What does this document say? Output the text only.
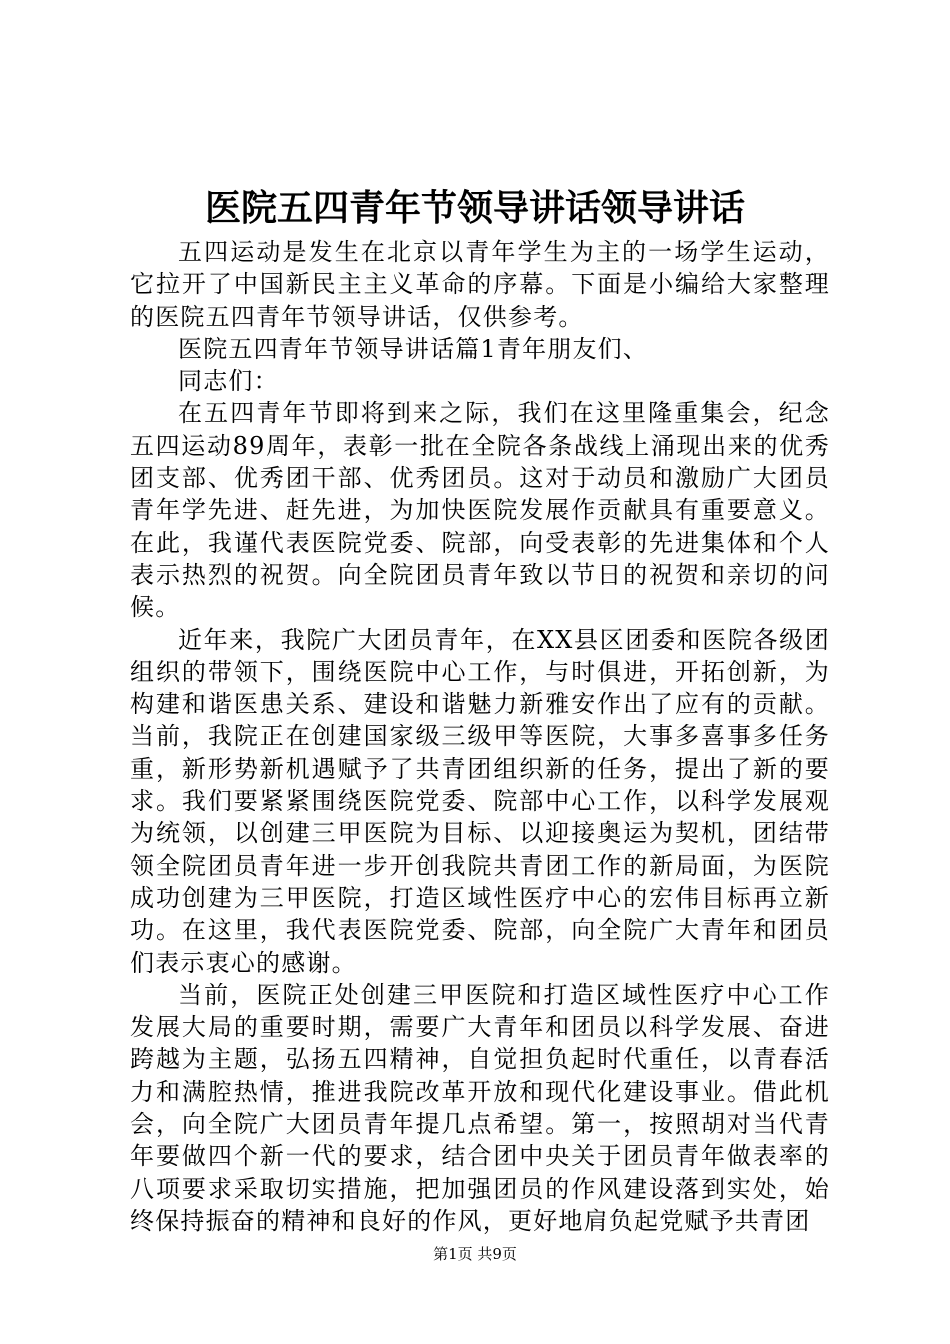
医院五四青年节领导讲话领导讲话

五四运动是发生在北京以青年学生为主的一场学生运动，它拉开了中国新民主主义革命的序幕。下面是小编给大家整理的医院五四青年节领导讲话，仅供参考。

医院五四青年节领导讲话篇1青年朋友们、

同志们：

在五四青年节即将到来之际，我们在这里隆重集会，纪念五四运动89周年，表彰一批在全院各条战线上涌现出来的优秀团支部、优秀团干部、优秀团员。这对于动员和激励广大团员青年学先进、赶先进，为加快医院发展作贡献具有重要意义。在此，我谨代表医院党委、院部，向受表彰的先进集体和个人表示热烈的祝贺。向全院团员青年致以节日的祝贺和亲切的问候。

近年来，我院广大团员青年，在XX县区团委和医院各级团组织的带领下，围绕医院中心工作，与时俱进，开拓创新，为构建和谐医患关系、建设和谐魅力新雅安作出了应有的贡献。当前，我院正在创建国家级三级甲等医院，大事多喜事多任务重，新形势新机遇赋予了共青团组织新的任务，提出了新的要求。我们要紧紧围绕医院党委、院部中心工作，以科学发展观为统领，以创建三甲医院为目标、以迎接奥运为契机，团结带领全院团员青年进一步开创我院共青团工作的新局面，为医院成功创建为三甲医院，打造区域性医疗中心的宏伟目标再立新功。在这里，我代表医院党委、院部，向全院广大青年和团员们表示衷心的感谢。

当前，医院正处创建三甲医院和打造区域性医疗中心工作发展大局的重要时期，需要广大青年和团员以科学发展、奋进跨越为主题，弘扬五四精神，自觉担负起时代重任，以青春活力和满腔热情，推进我院改革开放和现代化建设事业。借此机会，向全院广大团员青年提几点希望。第一，按照胡对当代青年要做四个新一代的要求，结合团中央关于团员青年做表率的八项要求采取切实措施，把加强团员的作风建设落到实处，始终保持振奋的精神和良好的作风，更好地肩负起党赋予共青团

第1页 共9页
